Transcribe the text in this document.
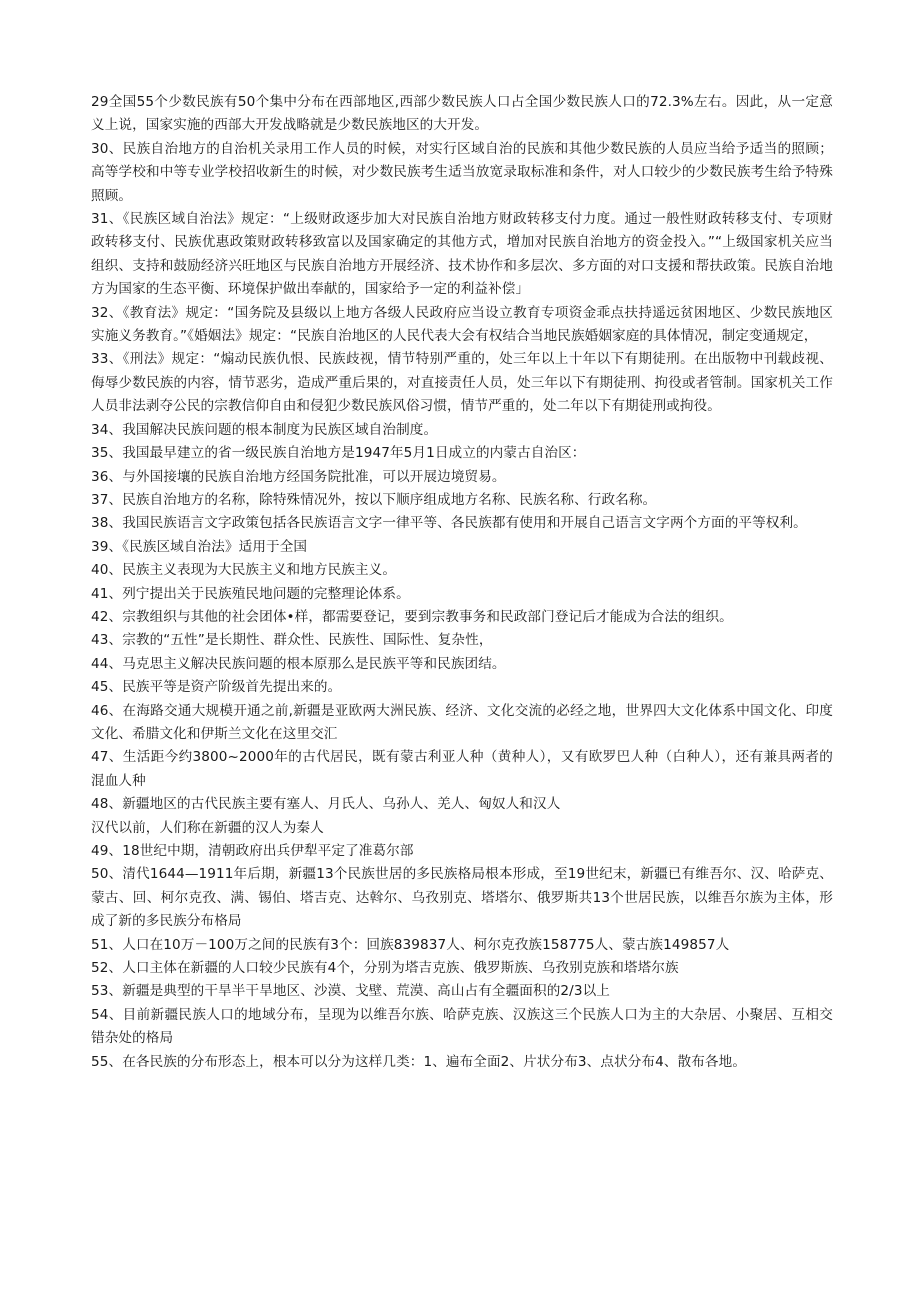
29全国55个少数民族有50个集中分布在西部地区,西部少数民族人口占全国少数民族人口的72.3%左右。因此，从一定意义上说，国家实施的西部大开发战略就是少数民族地区的大开发。

30、民族自治地方的自治机关录用工作人员的时候，对实行区域自治的民族和其他少数民族的人员应当给予适当的照顾；高等学校和中等专业学校招收新生的时候，对少数民族考生适当放宽录取标准和条件，对人口较少的少数民族考生给予特殊照顾。

31、《民族区域自治法》规定：“上级财政逐步加大对民族自治地方财政转移支付力度。通过一般性财政转移支付、专项财政转移支付、民族优惠政策财政转移致富以及国家确定的其他方式，增加对民族自治地方的资金投入。”“上级国家机关应当组织、支持和鼓励经济兴旺地区与民族自治地方开展经济、技术协作和多层次、多方面的对口支援和帮扶政策。民族自治地方为国家的生态平衡、环境保护做出奉献的，国家给予一定的利益补偿」

32、《教育法》规定：“国务院及县级以上地方各级人民政府应当设立教育专项资金乖点扶持遥远贫困地区、少数民族地区实施义务教育。”《婚姻法》规定：“民族自治地区的人民代表大会有权结合当地民族婚姻家庭的具体情况，制定变通规定，

33、《刑法》规定：“煽动民族仇恨、民族歧视，情节特别严重的，处三年以上十年以下有期徒刑。在出版物中刊载歧视、侮辱少数民族的内容，情节恶劣，造成严重后果的，对直接责任人员，处三年以下有期徒刑、拘役或者管制。国家机关工作人员非法剥夺公民的宗教信仰自由和侵犯少数民族风俗习惯，情节严重的，处二年以下有期徒刑或拘役。

34、我国解决民族问题的根本制度为民族区域自治制度。

35、我国最早建立的省一级民族自治地方是1947年5月1日成立的内蒙古自治区：

36、与外国接壤的民族自治地方经国务院批准，可以开展边境贸易。

37、民族自治地方的名称，除特殊情况外，按以下顺序组成地方名称、民族名称、行政名称。

38、我国民族语言文字政策包括各民族语言文字一律平等、各民族都有使用和开展自己语言文字两个方面的平等权利。

39、《民族区域自治法》适用于全国

40、民族主义表现为大民族主义和地方民族主义。

41、列宁提出关于民族殖民地问题的完整理论体系。

42、宗教组织与其他的社会团体•样，都需要登记，要到宗教事务和民政部门登记后才能成为合法的组织。

43、宗教的“五性”是长期性、群众性、民族性、国际性、复杂性，

44、马克思主义解决民族问题的根本原那么是民族平等和民族团结。

45、民族平等是资产阶级首先提出来的。

46、在海路交通大规模开通之前,新疆是亚欧两大洲民族、经济、文化交流的必经之地，世界四大文化体系中国文化、印度文化、希腊文化和伊斯兰文化在这里交汇

47、生活距今约3800~2000年的古代居民，既有蒙古利亚人种（黄种人），又有欧罗巴人种（白种人），还有兼具两者的混血人种

48、新疆地区的古代民族主要有塞人、月氏人、乌孙人、羌人、匈奴人和汉人

汉代以前，人们称在新疆的汉人为秦人

49、18世纪中期，清朝政府出兵伊犁平定了准葛尔部

50、清代1644—1911年后期，新疆13个民族世居的多民族格局根本形成，至19世纪末，新疆已有维吾尔、汉、哈萨克、蒙古、回、柯尔克孜、满、锡伯、塔吉克、达斡尔、乌孜别克、塔塔尔、俄罗斯共13个世居民族，以维吾尔族为主体，形成了新的多民族分布格局

51、人口在10万－100万之间的民族有3个：回族839837人、柯尔克孜族158775人、蒙古族149857人

52、人口主体在新疆的人口较少民族有4个，分别为塔吉克族、俄罗斯族、乌孜别克族和塔塔尔族

53、新疆是典型的干旱半干旱地区、沙漠、戈壁、荒漠、高山占有全疆面积的2/3以上

54、目前新疆民族人口的地域分布，呈现为以维吾尔族、哈萨克族、汉族这三个民族人口为主的大杂居、小聚居、互相交错杂处的格局

55、在各民族的分布形态上，根本可以分为这样几类：1、遍布全面2、片状分布3、点状分布4、散布各地。
